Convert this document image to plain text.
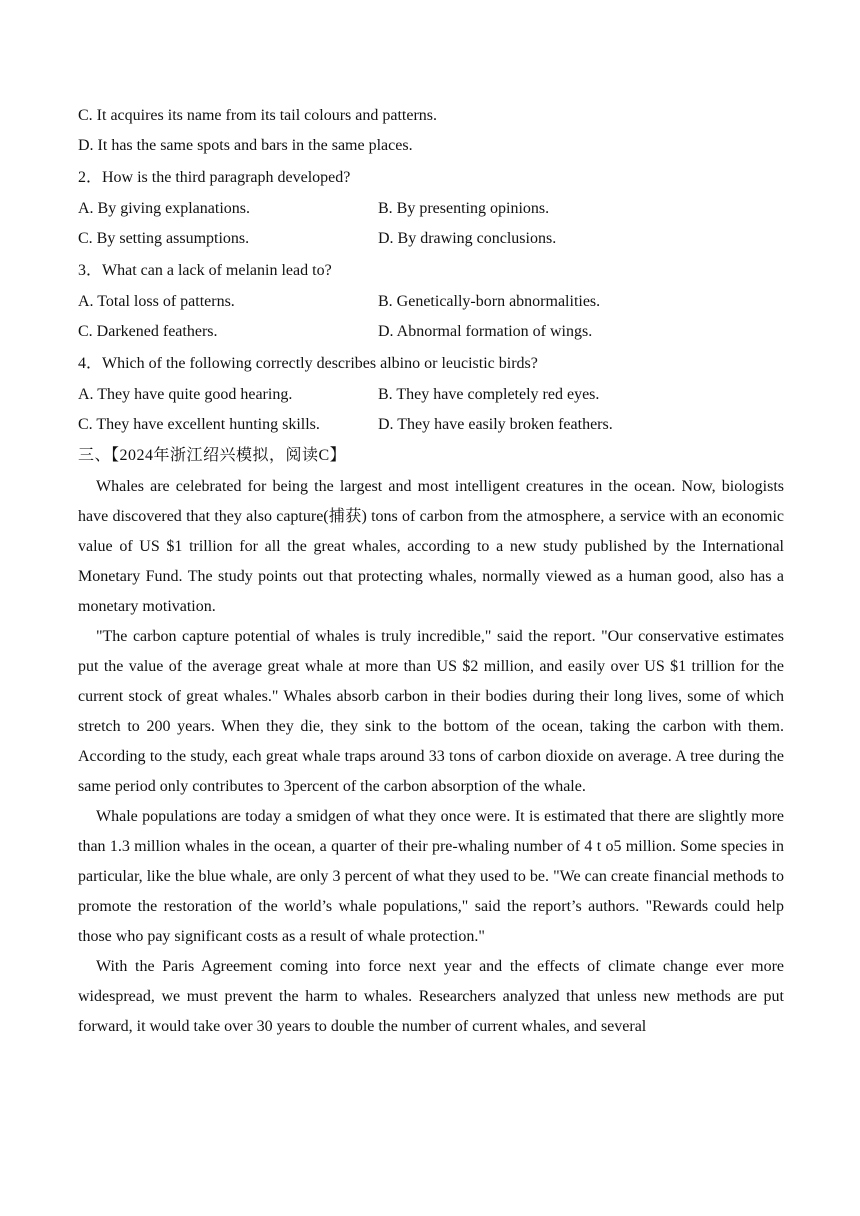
C. It acquires its name from its tail colours and patterns.
D. It has the same spots and bars in the same places.
2．How is the third paragraph developed?
A. By giving explanations.	B. By presenting opinions.
C. By setting assumptions.	D. By drawing conclusions.
3．What can a lack of melanin lead to?
A. Total loss of patterns.	B. Genetically-born abnormalities.
C. Darkened feathers.	D. Abnormal formation of wings.
4．Which of the following correctly describes albino or leucistic birds?
A. They have quite good hearing.	B. They have completely red eyes.
C. They have excellent hunting skills.	D. They have easily broken feathers.
三、【2024年浙江绍兴模拟，阅读C】

Whales are celebrated for being the largest and most intelligent creatures in the ocean. Now, biologists have discovered that they also capture(捕获) tons of carbon from the atmosphere, a service with an economic value of US $1 trillion for all the great whales, according to a new study published by the International Monetary Fund. The study points out that protecting whales, normally viewed as a human good, also has a monetary motivation.

"The carbon capture potential of whales is truly incredible," said the report. "Our conservative estimates put the value of the average great whale at more than US $2 million, and easily over US $1 trillion for the current stock of great whales." Whales absorb carbon in their bodies during their long lives, some of which stretch to 200 years. When they die, they sink to the bottom of the ocean, taking the carbon with them. According to the study, each great whale traps around 33 tons of carbon dioxide on average. A tree during the same period only contributes to 3percent of the carbon absorption of the whale.

Whale populations are today a smidgen of what they once were. It is estimated that there are slightly more than 1.3 million whales in the ocean, a quarter of their pre-whaling number of 4 t o5 million. Some species in particular, like the blue whale, are only 3 percent of what they used to be. "We can create financial methods to promote the restoration of the world’s whale populations," said the report’s authors. "Rewards could help those who pay significant costs as a result of whale protection."

With the Paris Agreement coming into force next year and the effects of climate change ever more widespread, we must prevent the harm to whales. Researchers analyzed that unless new methods are put forward, it would take over 30 years to double the number of current whales, and several
